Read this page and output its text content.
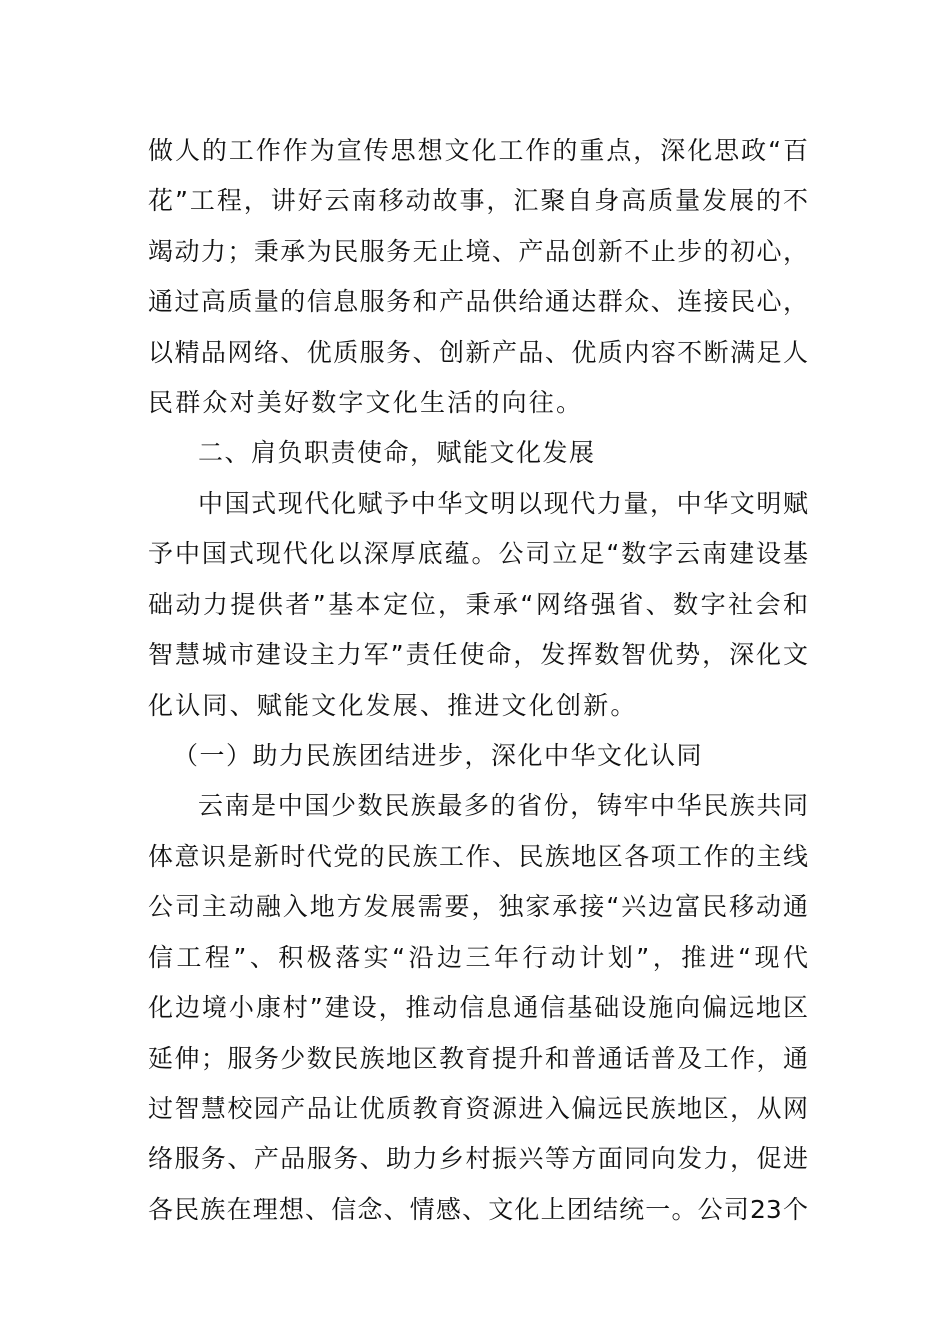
做人的工作作为宣传思想文化工作的重点，深化思政“百
花”工程，讲好云南移动故事，汇聚自身高质量发展的不
竭动力；秉承为民服务无止境、产品创新不止步的初心，
通过高质量的信息服务和产品供给通达群众、连接民心，
以精品网络、优质服务、创新产品、优质内容不断满足人
民群众对美好数字文化生活的向往。
二、肩负职责使命，赋能文化发展
中国式现代化赋予中华文明以现代力量，中华文明赋
予中国式现代化以深厚底蕴。公司立足“数字云南建设基
础动力提供者”基本定位，秉承“网络强省、数字社会和
智慧城市建设主力军”责任使命，发挥数智优势，深化文
化认同、赋能文化发展、推进文化创新。
（一）助力民族团结进步，深化中华文化认同
云南是中国少数民族最多的省份，铸牢中华民族共同
体意识是新时代党的民族工作、民族地区各项工作的主线
公司主动融入地方发展需要，独家承接“兴边富民移动通
信工程”、积极落实“沿边三年行动计划”，推进“现代
化边境小康村”建设，推动信息通信基础设施向偏远地区
延伸；服务少数民族地区教育提升和普通话普及工作，通
过智慧校园产品让优质教育资源进入偏远民族地区，从网
络服务、产品服务、助力乡村振兴等方面同向发力，促进
各民族在理想、信念、情感、文化上团结统一。公司23个
